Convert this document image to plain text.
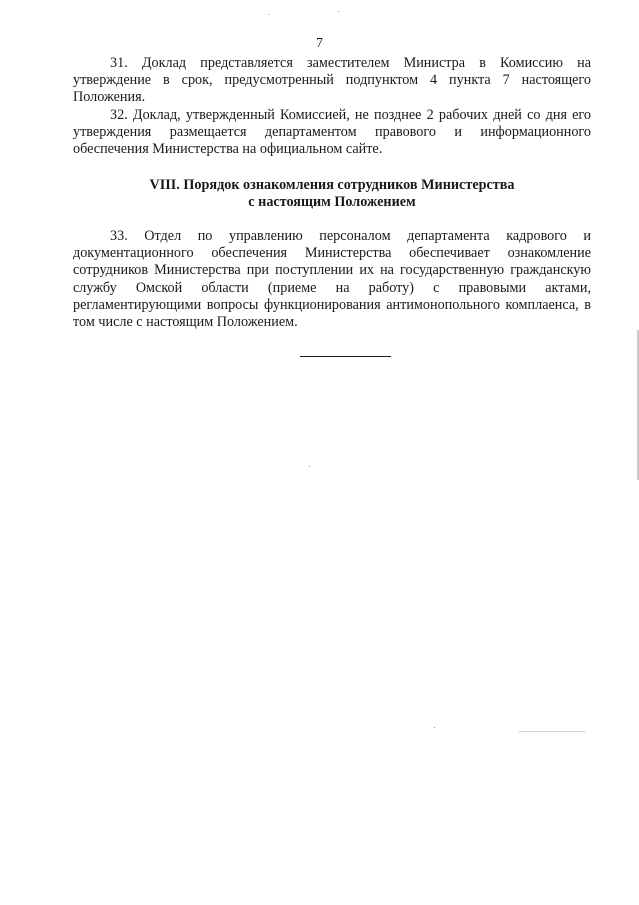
7

31. Доклад представляется заместителем Министра в Комиссию на утверждение в срок, предусмотренный подпунктом 4 пункта 7 настоящего Положения.

32. Доклад, утвержденный Комиссией, не позднее 2 рабочих дней со дня его утверждения размещается департаментом правового и информационного обеспечения Министерства на официальном сайте.

VIII. Порядок ознакомления сотрудников Министерства
с настоящим Положением

33. Отдел по управлению персоналом департамента кадрового и документационного обеспечения Министерства обеспечивает ознакомление сотрудников Министерства при поступлении их на государственную гражданскую службу Омской области (приеме на работу) с правовыми актами, регламентирующими вопросы функционирования антимонопольного комплаенса, в том числе с настоящим Положением.
